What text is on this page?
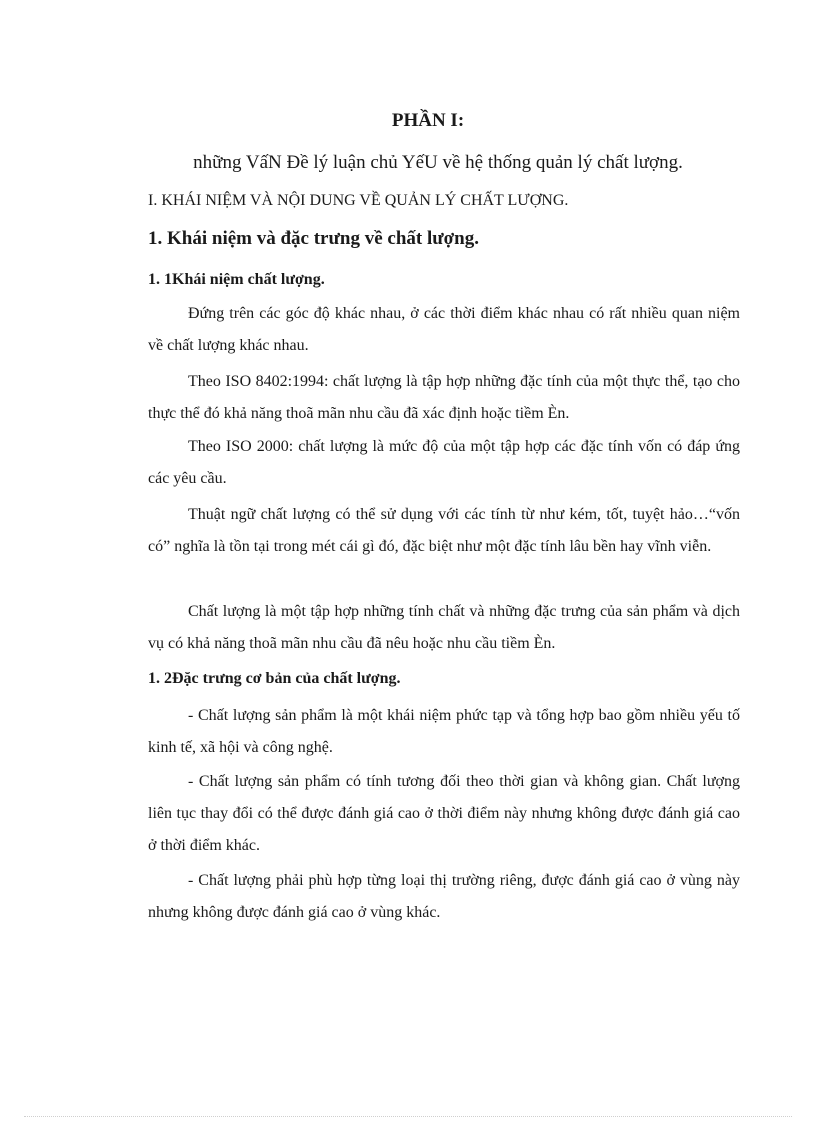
PHẦN I:
những VấN Đề lý luận chủ YếU về hệ thống quản lý chất lượng.

I. KHÁI NIỆM VÀ NỘI DUNG VỀ QUẢN LÝ CHẤT LƯỢNG.

1. Khái niệm và đặc trưng về chất lượng.

1. 1Khái niệm chất lượng.

Đứng trên các góc độ khác nhau, ở các thời điểm khác nhau có rất nhiều quan niệm về chất lượng khác nhau.

Theo ISO 8402:1994: chất lượng là tập hợp những đặc tính của một thực thể, tạo cho thực thể đó khả năng thoã mãn nhu cầu đã xác định hoặc tiềm Èn.

Theo ISO 2000: chất lượng là mức độ của một tập hợp các đặc tính vốn có đáp ứng các yêu cầu.

Thuật ngữ chất lượng có thể sử dụng với các tính từ như kém, tốt, tuyệt hảo…“vốn có” nghĩa là tồn tại trong mét cái gì đó, đặc biệt như một đặc tính lâu bền hay vĩnh viễn.

Chất lượng là một tập hợp những tính chất và những đặc trưng của sản phẩm và dịch vụ có khả năng thoã mãn nhu cầu đã nêu hoặc nhu cầu tiềm Èn.

1. 2Đặc trưng cơ bản của chất lượng.

- Chất lượng sản phẩm là một khái niệm phức tạp và tổng hợp bao gồm nhiều yếu tố kinh tế, xã hội và công nghệ.

- Chất lượng sản phẩm có tính tương đối theo thời gian và không gian. Chất lượng liên tục thay đổi có thể được đánh giá cao ở thời điểm này nhưng không được đánh giá cao ở thời điểm khác.

- Chất lượng phải phù hợp từng loại thị trường riêng, được đánh giá cao ở vùng này nhưng không được đánh giá cao ở vùng khác.
